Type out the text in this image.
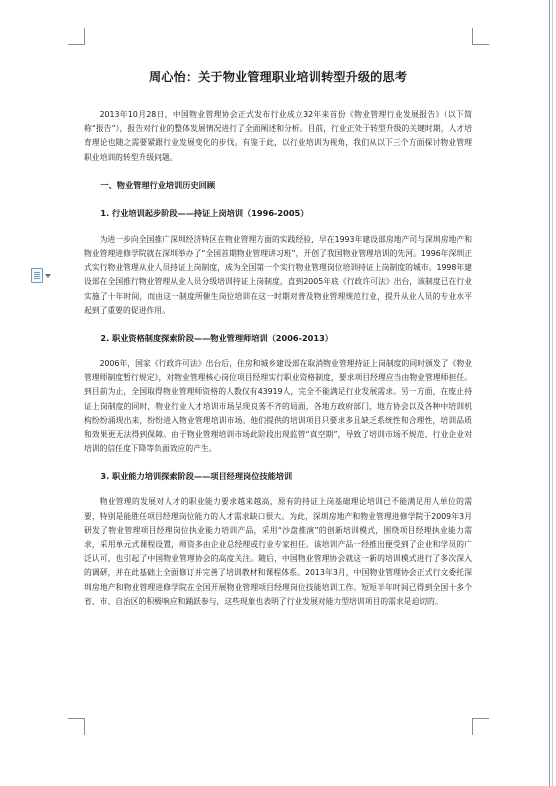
周心怡：关于物业管理职业培训转型升级的思考

2013年10月28日，中国物业管理协会正式发布行业成立32年来首份《物业管理行业发展报告》（以下简称“报告”），报告对行业的整体发展情况进行了全面阐述和分析。目前，行业正处于转型升级的关键时期，人才培育理论也随之需要紧跟行业发展变化的步伐。有鉴于此，以行业培训为视角，我们从以下三个方面探讨物业管理职业培训的转型升级问题。

一、物业管理行业培训历史回顾
1. 行业培训起步阶段——持证上岗培训（1996-2005）

为进一步向全国推广深圳经济特区在物业管理方面的实践经验，早在1993年建设部房地产司与深圳房地产和物业管理进修学院就在深圳举办了“全国首期物业管理讲习班”，开创了我国物业管理培训的先河。1996年深圳正式实行物业管理从业人员持证上岗制度，成为全国第一个实行物业管理岗位培训持证上岗制度的城市。1998年建设部在全国推行物业管理从业人员分级培训持证上岗制度，直到2005年底《行政许可法》出台，该制度已在行业实施了十年时间，而由这一制度所催生岗位培训在这一时期对普及物业管理规范行业，提升从业人员的专业水平起到了重要的促进作用。

2. 职业资格制度探索阶段——物业管理师培训（2006-2013）

2006年，国家《行政许可法》出台后，住房和城乡建设部在取消物业管理持证上岗制度的同时颁发了《物业管理师制度暂行规定》，对物业管理核心岗位项目经理实行职业资格制度，要求项目经理应当由物业管理师担任。到目前为止，全国取得物业管理师资格的人数仅有43919人，完全不能满足行业发展需求。另一方面，在废止持证上岗制度的同时，物业行业人才培训市场呈现良莠不齐的局面，各地方政府部门、地方协会以及各种中培训机构纷纷涌现出来，纷纷进入物业管理培训市场。他们提供的培训项目只要求多且缺乏系统性和合理性，培训品质和效果更无法得到保障。由于物业管理培训市场此阶段出现监管“真空期”，导致了培训市场不规范、行业企业对培训的信任度下降等负面效应的产生。

3. 职业能力培训探索阶段——项目经理岗位技能培训

物业管理的发展对人才的职业能力要求越来越高，原有的持证上岗基础理论培训已不能满足用人单位的需要，特别是能胜任项目经理岗位能力的人才需求缺口很大。为此，深圳房地产和物业管理进修学院于2009年3月研发了物业管理项目经理岗位执业能力培训产品，采用“沙盘推演”的创新培训模式，围绕项目经理执业能力需求，采用单元式课程设置，师资多由企业总经理或行业专家担任。该培训产品一经推出便受到了企业和学员的广泛认可，也引起了中国物业管理协会的高度关注。随后，中国物业管理协会就这一新的培训模式进行了多次深入的调研，并在此基础上全面修订并完善了培训教材和课程体系。2013年3月，中国物业管理协会正式行文委托深圳房地产和物业管理进修学院在全国开展物业管理项目经理岗位技能培训工作。短短半年时间已得到全国十多个省、市、自治区的积极响应和踊跃参与，这些现象也表明了行业发展对能力型培训项目的需求是迫切的。
